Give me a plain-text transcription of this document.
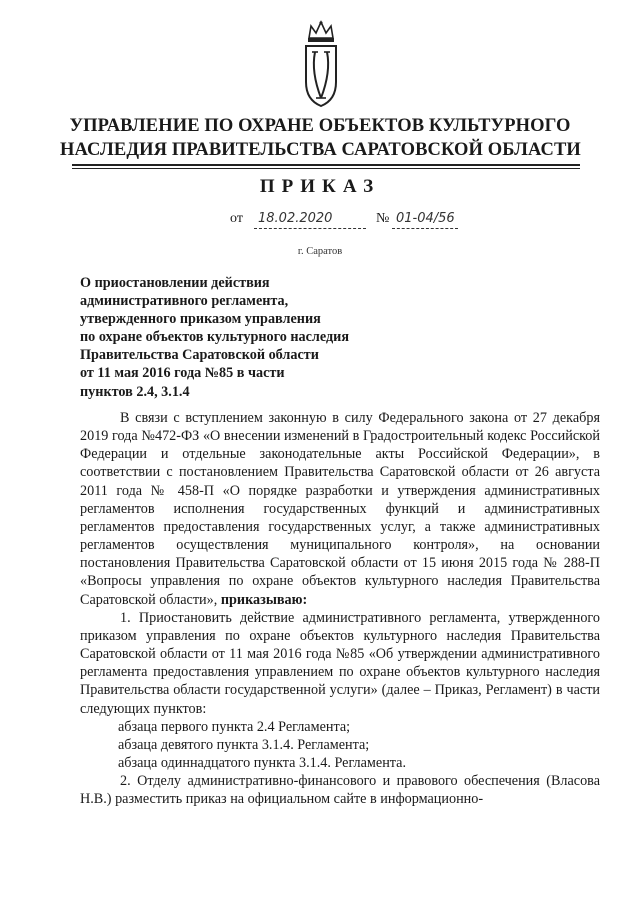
УПРАВЛЕНИЕ ПО ОХРАНЕ ОБЪЕКТОВ КУЛЬТУРНОГО
НАСЛЕДИЯ ПРАВИТЕЛЬСТВА САРАТОВСКОЙ ОБЛАСТИ
ПРИКАЗ
от 18.02.2020	№ 01-04/56
г. Саратов
О приостановлении действия
административного регламента,
утвержденного приказом управления
по охране объектов культурного наследия
Правительства Саратовской области
от 11 мая 2016 года №85 в части
пунктов 2.4, 3.1.4

В связи с вступлением законную в силу Федерального закона от 27 декабря 2019 года №472-ФЗ «О внесении изменений в Градостроительный кодекс Российской Федерации и отдельные законодательные акты Российской Федерации», в соответствии с постановлением Правительства Саратовской области от 26 августа 2011 года № 458-П «О порядке разработки и утверждения административных регламентов исполнения государственных функций и административных регламентов предоставления государственных услуг, а также административных регламентов осуществления муниципального контроля», на основании постановления Правительства Саратовской области от 15 июня 2015 года № 288-П «Вопросы управления по охране объектов культурного наследия Правительства Саратовской области», приказываю:

1. Приостановить действие административного регламента, утвержденного приказом управления по охране объектов культурного наследия Правительства Саратовской области от 11 мая 2016 года №85 «Об утверждении административного регламента предоставления управлением по охране объектов культурного наследия Правительства области государственной услуги» (далее – Приказ, Регламент) в части следующих пунктов:

абзаца первого пункта 2.4 Регламента;

абзаца девятого пункта 3.1.4. Регламента;

абзаца одиннадцатого пункта 3.1.4. Регламента.

2. Отделу административно-финансового и правового обеспечения (Власова Н.В.) разместить приказ на официальном сайте в информационно-
